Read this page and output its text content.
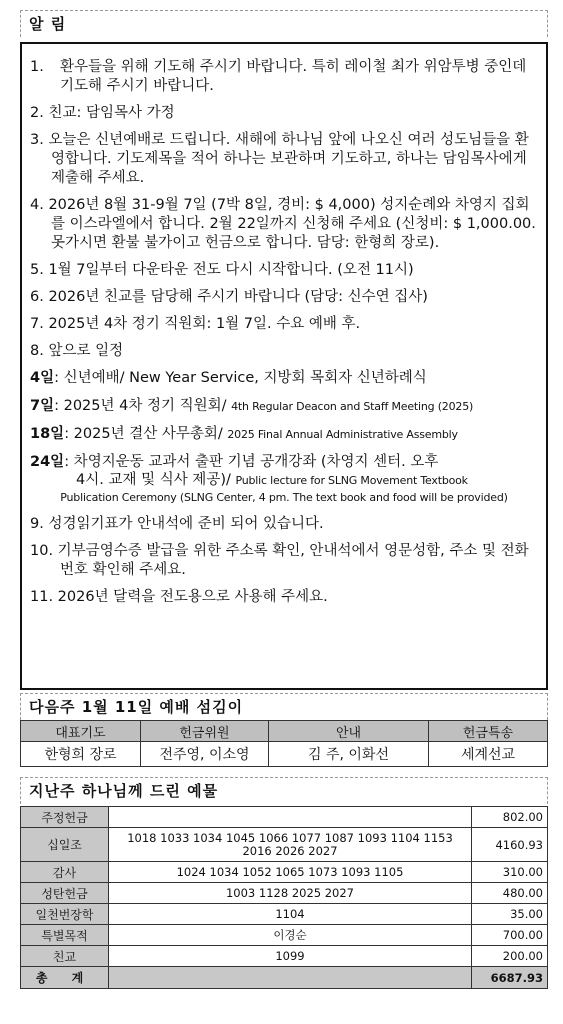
알 림
1. 환우들을 위해 기도해 주시기 바랍니다. 특히 레이철 최가 위암투병 중인데 기도해 주시기 바랍니다.
2. 친교: 담임목사 가정
3. 오늘은 신년예배로 드립니다. 새해에 하나님 앞에 나오신 여러 성도님들을 환영합니다. 기도제목을 적어 하나는 보관하며 기도하고, 하나는 담임목사에게 제출해 주세요.
4. 2026년 8월 31-9월 7일 (7박 8일, 경비: $ 4,000) 성지순례와 차영지 집회를 이스라엘에서 합니다. 2월 22일까지 신청해 주세요 (신청비: $ 1,000.00. 못가시면 환불 불가이고 헌금으로 합니다. 담당: 한형희 장로).
5. 1월 7일부터 다운타운 전도 다시 시작합니다. (오전 11시)
6. 2026년 친교를 담당해 주시기 바랍니다 (담당: 신수연 집사)
7. 2025년 4차 정기 직원회: 1월 7일. 수요 예배 후.
8. 앞으로 일정
4일: 신년예배/ New Year Service, 지방회 목회자 신년하례식
7일: 2025년 4차 정기 직원회/ 4th Regular Deacon and Staff Meeting (2025)
18일: 2025년 결산 사무총회/ 2025 Final Annual Administrative Assembly
24일: 차영지운동 교과서 출판 기념 공개강좌 (차영지 센터. 오후
4시. 교재 및 식사 제공)/ Public lecture for SLNG Movement Textbook
Publication Ceremony (SLNG Center, 4 pm. The text book and food will be provided)
9. 성경읽기표가 안내석에 준비 되어 있습니다.
10. 기부금영수증 발급을 위한 주소록 확인, 안내석에서 영문성함, 주소 및 전화번호 확인해 주세요.
11. 2026년 달력을 전도용으로 사용해 주세요.
다음주 1월 11일 예배 섬김이
대표기도	헌금위원	안내	헌금특송
한형희 장로	전주영, 이소영	김 주, 이화선	세계선교
지난주 하나님께 드린 예물
주정헌금		802.00
십일조	1018 1033 1034 1045 1066 1077 1087 1093 1104 1153 2016 2026 2027	4160.93
감사	1024 1034 1052 1065 1073 1093 1105	310.00
성탄헌금	1003 1128 2025 2027	480.00
일천번장학	1104	35.00
특별목적	이경순	700.00
친교	1099	200.00
총 계		6687.93
